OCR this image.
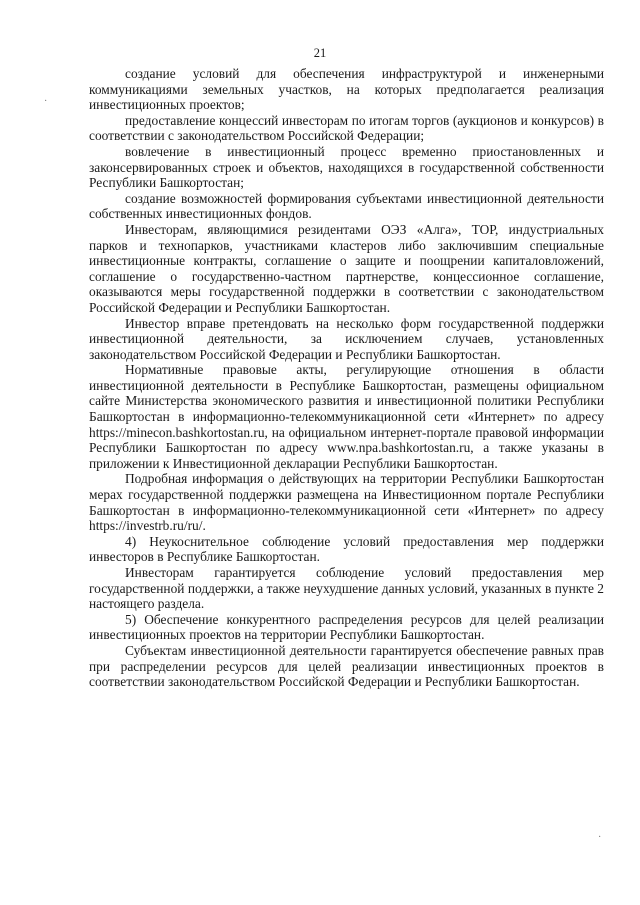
21
·
·

создание условий для обеспечения инфраструктурой и инженерными коммуникациями земельных участков, на которых предполагается реализация инвестиционных проектов;

предоставление концессий инвесторам по итогам торгов (аукционов и конкурсов) в соответствии с законодательством Российской Федерации;

вовлечение в инвестиционный процесс временно приостановленных и законсервированных строек и объектов, находящихся в государственной собственности Республики Башкортостан;

создание возможностей формирования субъектами инвестиционной деятельности собственных инвестиционных фондов.

Инвесторам, являющимися резидентами ОЭЗ «Алга», ТОР, индустриальных парков и технопарков, участниками кластеров либо заключившим специальные инвестиционные контракты, соглашение о защите и поощрении капиталовложений, соглашение о государственно-частном партнерстве, концессионное соглашение, оказываются меры государственной поддержки в соответствии с законодательством Российской Федерации и Республики Башкортостан.

Инвестор вправе претендовать на несколько форм государственной поддержки инвестиционной деятельности, за исключением случаев, установленных законодательством Российской Федерации и Республики Башкортостан.

Нормативные правовые акты, регулирующие отношения в области инвестиционной деятельности в Республике Башкортостан, размещены официальном сайте Министерства экономического развития и инвестиционной политики Республики Башкортостан в информационно-телекоммуникационной сети «Интернет» по адресу https://minecon.bashkortostan.ru, на официальном интернет-портале правовой информации Республики Башкортостан по адресу www.npa.bashkortostan.ru, а также указаны в приложении к Инвестиционной декларации Республики Башкортостан.

Подробная информация о действующих на территории Республики Башкортостан мерах государственной поддержки размещена на Инвестиционном портале Республики Башкортостан в информационно-телекоммуникационной сети «Интернет» по адресу https://investrb.ru/ru/.

4) Неукоснительное соблюдение условий предоставления мер поддержки инвесторов в Республике Башкортостан.

Инвесторам гарантируется соблюдение условий предоставления мер государственной поддержки, а также неухудшение данных условий, указанных в пункте 2 настоящего раздела.

5) Обеспечение конкурентного распределения ресурсов для целей реализации инвестиционных проектов на территории Республики Башкортостан.

Субъектам инвестиционной деятельности гарантируется обеспечение равных прав при распределении ресурсов для целей реализации инвестиционных проектов в соответствии законодательством Российской Федерации и Республики Башкортостан.
